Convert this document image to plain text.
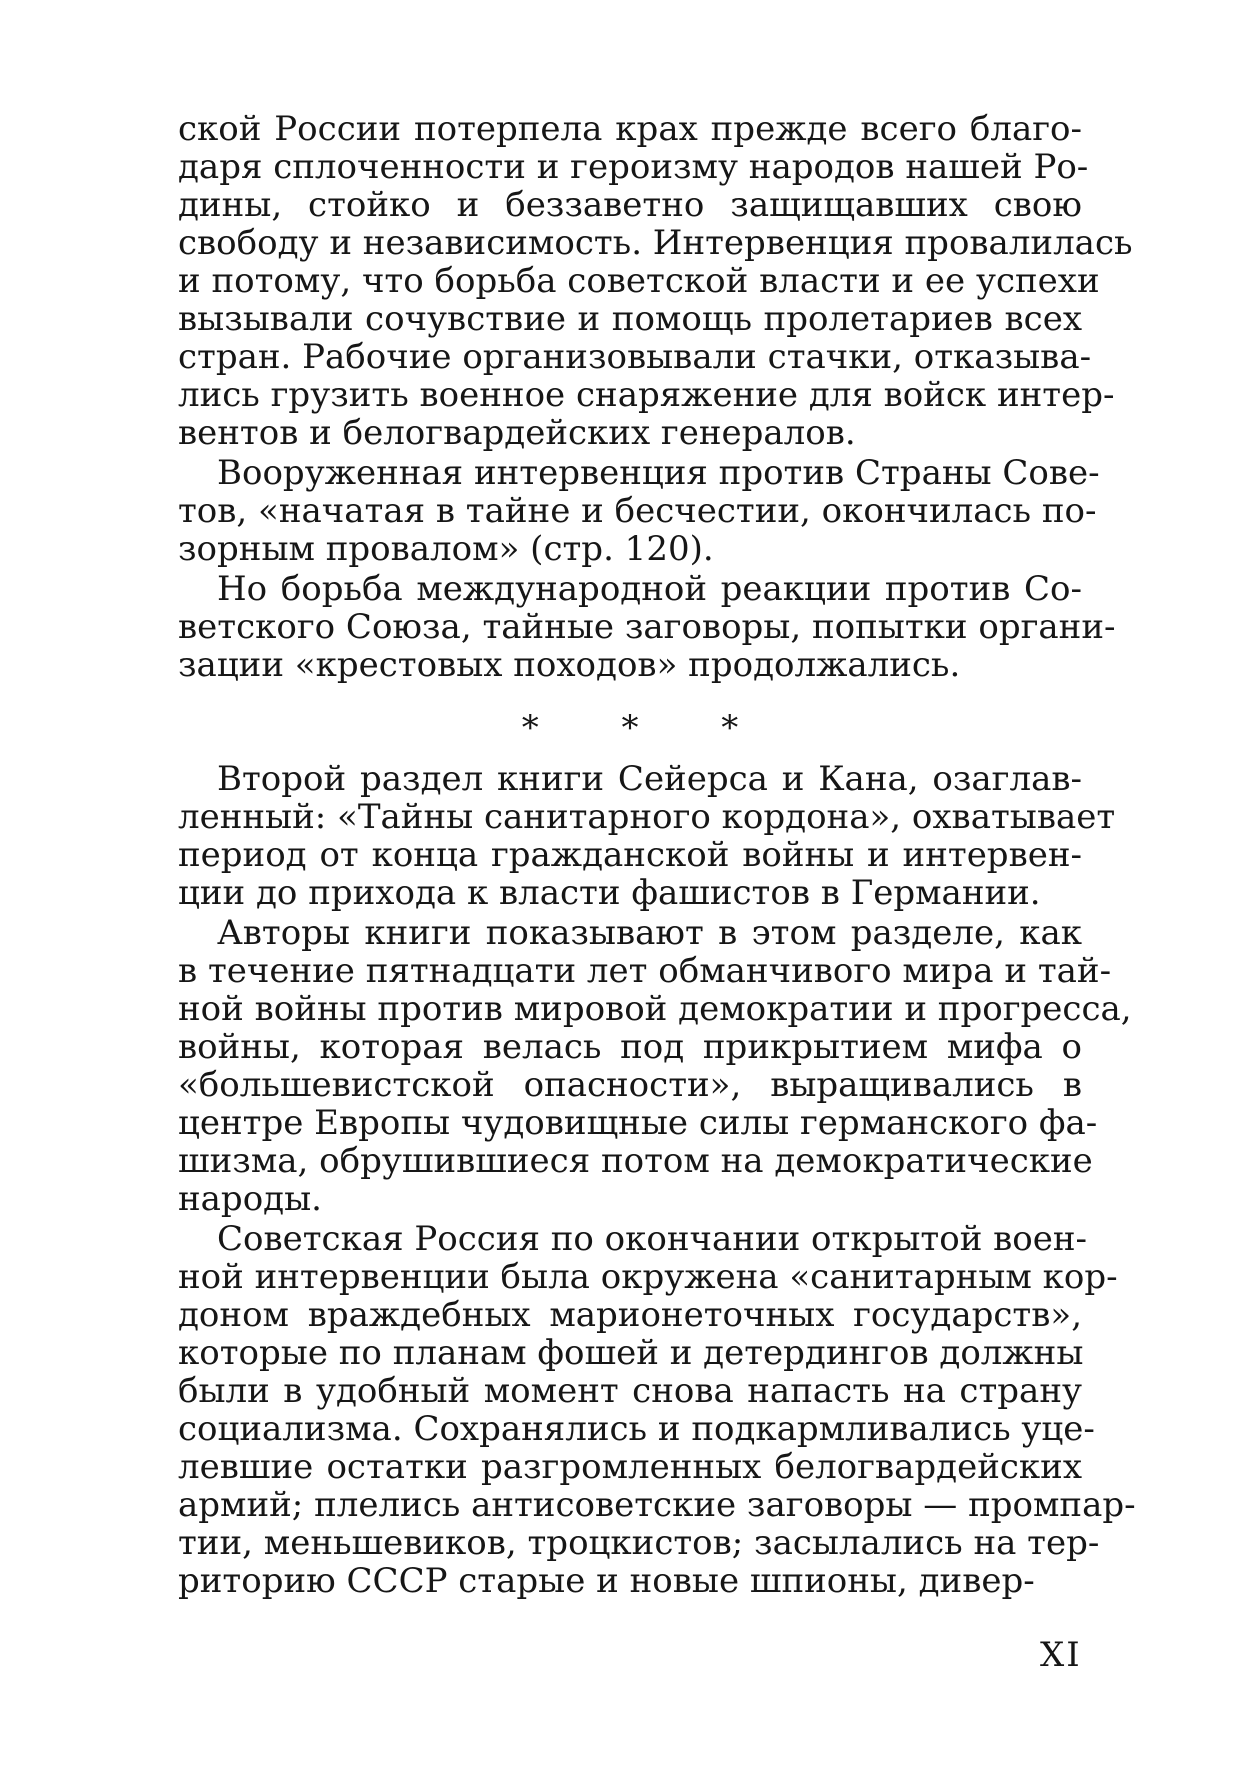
ской России потерпела крах прежде всего благо-
даря сплоченности и героизму народов нашей Ро-
дины, стойко и беззаветно защищавших свою
свободу и независимость. Интервенция провалилась
и потому, что борьба советской власти и ее успехи
вызывали сочувствие и помощь пролетариев всех
стран. Рабочие организовывали стачки, отказыва-
лись грузить военное снаряжение для войск интер-
вентов и белогвардейских генералов.
Вооруженная интервенция против Страны Сове-
тов, «начатая в тайне и бесчестии, окончилась по-
зорным провалом» (стр. 120).
Но борьба международной реакции против Со-
ветского Союза, тайные заговоры, попытки органи-
зации «крестовых походов» продолжались.
* * *
Второй раздел книги Сейерса и Кана, озаглав-
ленный: «Тайны санитарного кордона», охватывает
период от конца гражданской войны и интервен-
ции до прихода к власти фашистов в Германии.
Авторы книги показывают в этом разделе, как
в течение пятнадцати лет обманчивого мира и тай-
ной войны против мировой демократии и прогресса,
войны, которая велась под прикрытием мифа о
«большевистской опасности», выращивались в
центре Европы чудовищные силы германского фа-
шизма, обрушившиеся потом на демократические
народы.
Советская Россия по окончании открытой воен-
ной интервенции была окружена «санитарным кор-
доном враждебных марионеточных государств»,
которые по планам фошей и детердингов должны
были в удобный момент снова напасть на страну
социализма. Сохранялись и подкармливались уце-
левшие остатки разгромленных белогвардейских
армий; плелись антисоветские заговоры — промпар-
тии, меньшевиков, троцкистов; засылались на тер-
риторию СССР старые и новые шпионы, дивер-
XI
